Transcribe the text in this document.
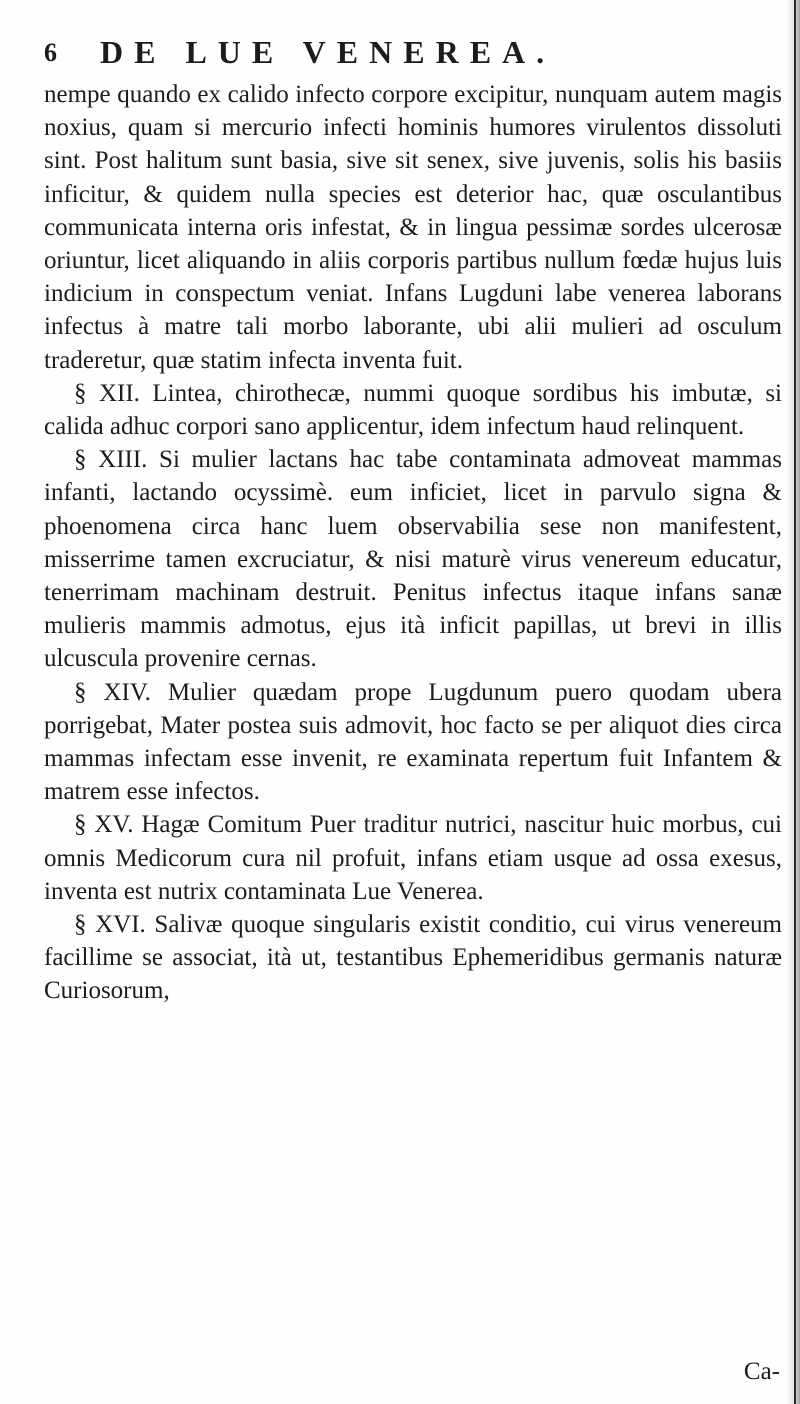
6 DE LUE VENEREA.

nempe quando ex calido infecto corpore excipitur, nunquam autem magis noxius, quam si mercurio infecti hominis humores virulentos dissoluti sint. Post halitum sunt basia, sive sit senex, sive juvenis, solis his basiis inficitur, & quidem nulla species est deterior hac, quæ osculantibus communicata interna oris infestat, & in lingua pessimæ sordes ulcerosæ oriuntur, licet aliquando in aliis corporis partibus nullum fœdæ hujus luis indicium in conspectum veniat. Infans Lugduni labe venerea laborans infectus à matre tali morbo laborante, ubi alii mulieri ad osculum traderetur, quæ statim infecta inventa fuit.

§ XII. Lintea, chirothecæ, nummi quoque sordibus his imbutæ, si calida adhuc corpori sano applicentur, idem infectum haud relinquent.

§ XIII. Si mulier lactans hac tabe contaminata admoveat mammas infanti, lactando ocyssimè. eum inficiet, licet in parvulo signa & phoenomena circa hanc luem observabilia sese non manifestent, misserrime tamen excruciatur, & nisi maturè virus venereum educatur, tenerrimam machinam destruit. Penitus infectus itaque infans sanæ mulieris mammis admotus, ejus ità inficit papillas, ut brevi in illis ulcuscula provenire cernas.

§ XIV. Mulier quædam prope Lugdunum puero quodam ubera porrigebat, Mater postea suis admovit, hoc facto se per aliquot dies circa mammas infectam esse invenit, re examinata repertum fuit Infantem & matrem esse infectos.

§ XV. Hagæ Comitum Puer traditur nutrici, nascitur huic morbus, cui omnis Medicorum cura nil profuit, infans etiam usque ad ossa exesus, inventa est nutrix contaminata Lue Venerea.

§ XVI. Salivæ quoque singularis existit conditio, cui virus venereum facillime se associat, ità ut, testantibus Ephemeridibus germanis naturæ Curiosorum,

Ca-
